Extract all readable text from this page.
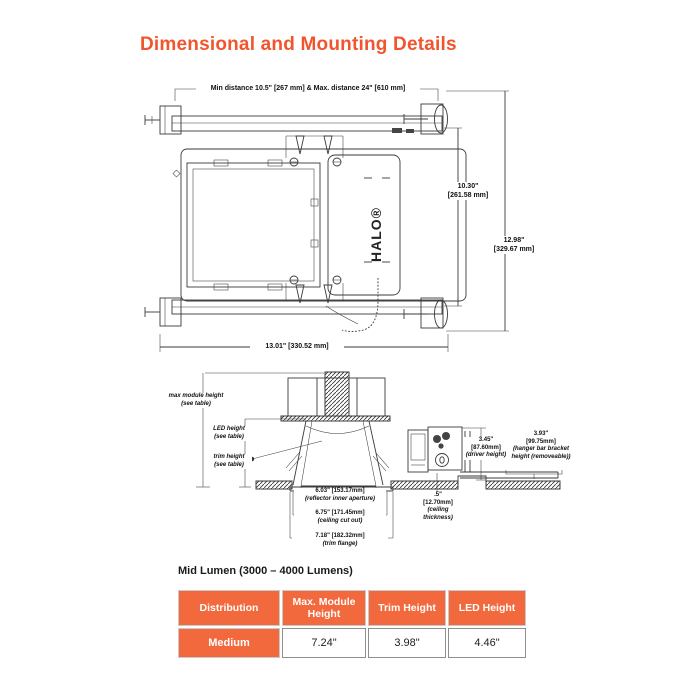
Dimensional and Mounting Details
HALO®
Min distance 10.5" [267 mm] & Max. distance 24" [610 mm]
10.30"
[261.58 mm]
12.98"
[329.67 mm]
13.01" [330.52 mm]
max module height
(see table)
LED height
(see table)
trim height
(see table)
3.45"
[87.60mm]
(driver height)
3.93"
[99.75mm]
(hanger bar bracket
height (removeable))
6.03" [153.17mm]
(reflector inner aperture)
6.75" [171.45mm]
(ceiling cut out)
7.18" [182.32mm]
(trim flange)
.5"
[12.70mm]
(ceiling thickness)
Mid Lumen (3000 – 4000 Lumens)
Distribution	Max. Module Height	Trim Height	LED Height
Medium	7.24"	3.98"	4.46"
